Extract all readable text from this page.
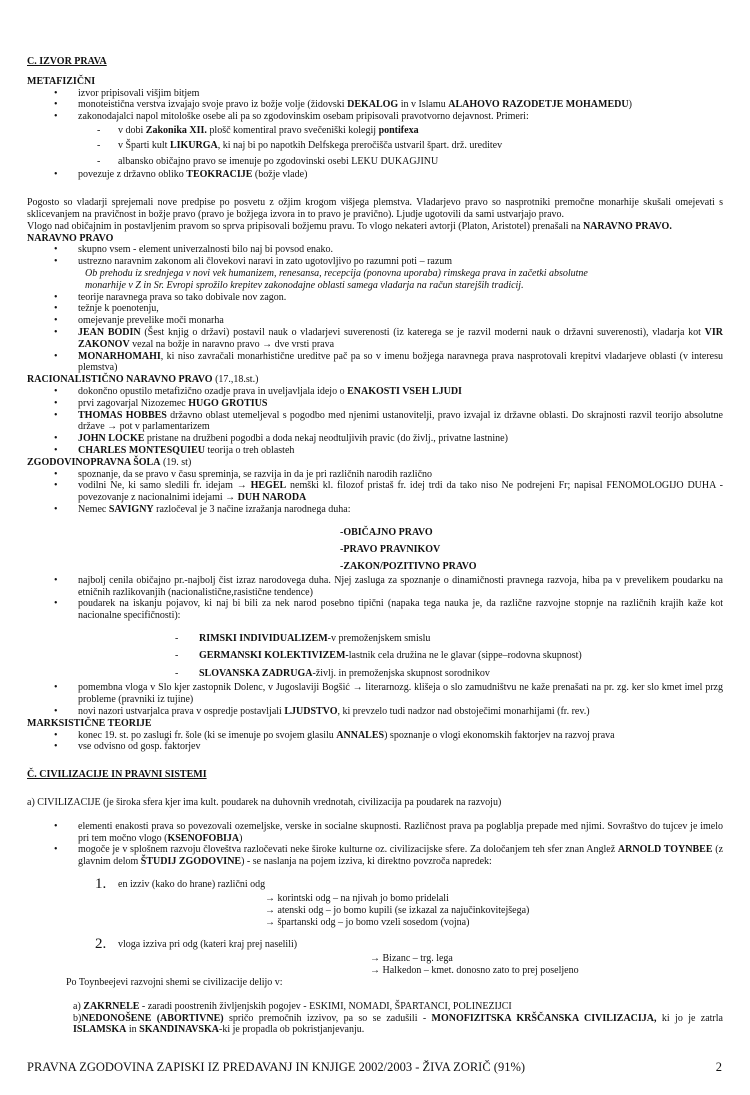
C. IZVOR PRAVA
METAFIZIČNI
• izvor pripisovali višjim bitjem
• monoteistična verstva izvajajo svoje pravo iz božje volje (židovski DEKALOG in v Islamu ALAHOVO RAZODETJE MOHAMEDU)
• zakonodajalci napol mitološke osebe ali pa so zgodovinskim osebam pripisovali pravotvorno dejavnost. Primeri:
- v dobi Zakonika XII. plošč komentiral pravo svečeniški kolegij pontifexa
- v Šparti kult LIKURGA, ki naj bi po napotkih Delfskega preročišča ustvaril špart. drž. ureditev
- albansko običajno pravo se imenuje po zgodovinski osebi LEKU DUKAGJINU
• povezuje z državno obliko TEOKRACIJE (božje vlade)
Pogosto so vladarji sprejemali nove predpise po posvetu z ožjim krogom višjega plemstva. Vladarjevo pravo so nasprotniki premočne monarhije skušali omejevati s sklicevanjem na pravičnost in božje pravo (pravo je božjega izvora in to pravo je pravično). Ljudje ugotovili da sami ustvarjajo pravo.
Vlogo nad običajnim in postavljenim pravom so sprva pripisovali božjemu pravu. To vlogo nekateri avtorji (Platon, Aristotel) prenašali na NARAVNO PRAVO.
NARAVNO PRAVO
• skupno vsem - element univerzalnosti bilo naj bi povsod enako.
• ustrezno naravnim zakonom ali človekovi naravi in zato ugotovljivo po razumni poti – razum
Ob prehodu iz srednjega v novi vek humanizem, renesansa, recepcija (ponovna uporaba) rimskega prava in začetki absolutne
monarhije v Z in Sr. Evropi sprožilo krepitev zakonodajne oblasti samega vladarja na račun starejših tradicij.
• teorije naravnega prava so tako dobivale nov zagon.
• težnje k poenotenju,
• omejevanje prevelike moči monarha
• JEAN BODIN (Šest knjig o državi) postavil nauk o vladarjevi suverenosti (iz katerega se je razvil moderni nauk o državni suverenosti), vladarja kot VIR ZAKONOV vezal na božje in naravno pravo → dve vrsti prava
• MONARHOMAHI, ki niso zavračali monarhistične ureditve pač pa so v imenu božjega naravnega prava nasprotovali krepitvi vladarjeve oblasti (v interesu plemstva)
RACIONALISTIČNO NARAVNO PRAVO (17.,18.st.)
• dokončno opustilo metafizično ozadje prava in uveljavljala idejo o ENAKOSTI VSEH LJUDI
• prvi zagovarjal Nizozemec HUGO GROTIUS
• THOMAS HOBBES državno oblast utemeljeval s pogodbo med njenimi ustanovitelji, pravo izvajal iz državne oblasti. Do skrajnosti razvil teorijo absolutne države → pot v parlamentarizem
• JOHN LOCKE pristane na družbeni pogodbi a doda nekaj neodtuljivih pravic (do življ., privatne lastnine)
• CHARLES MONTESQUIEU teorija o treh oblasteh
ZGODOVINOPRAVNA ŠOLA (19. st)
• spoznanje, da se pravo v času spreminja, se razvija in da je pri različnih narodih različno
• vodilni Ne, ki samo sledili fr. idejam → HEGEL nemški kl. filozof pristaš fr. idej trdi da tako niso Ne podrejeni Fr; napisal FENOMOLOGIJO DUHA - povezovanje z nacionalnimi idejami → DUH NARODA
• Nemec SAVIGNY razločeval je 3 načine izražanja narodnega duha:
- OBIČAJNO PRAVO
- PRAVO PRAVNIKOV
- ZAKON/POZITIVNO PRAVO
• najbolj cenila običajno pr.-najbolj čist izraz narodovega duha. Njej zasluga za spoznanje o dinamičnosti pravnega razvoja, hiba pa v prevelikem poudarku na etničnih razlikovanjih (nacionalistične,rasistične tendence)
• poudarek na iskanju pojavov, ki naj bi bili za nek narod posebno tipični (napaka tega nauka je, da različne razvojne stopnje na različnih krajih kaže kot nacionalne specifičnosti):
- RIMSKI INDIVIDUALIZEM-v premoženjskem smislu
- GERMANSKI KOLEKTIVIZEM-lastnik cela družina ne le glavar (sippe–rodovna skupnost)
- SLOVANSKA ZADRUGA-življ. in premoženjska skupnost sorodnikov
• pomembna vloga v Slo kjer zastopnik Dolenc, v Jugoslaviji Bogšić → literarnozg. klišeja o slo zamudništvu ne kaže prenašati na pr. zg. ker slo kmet imel przg probleme (pravniki iz tujine)
• novi nazori ustvarjalca prava v ospredje postavljali LJUDSTVO, ki prevzelo tudi nadzor nad obstoječimi monarhijami (fr. rev.)
MARKSISTIČNE TEORIJE
• konec 19. st. po zaslugi fr. šole (ki se imenuje po svojem glasilu ANNALES) spoznanje o vlogi ekonomskih faktorjev na razvoj prava
• vse odvisno od gosp. faktorjev
Č. CIVILIZACIJE IN PRAVNI SISTEMI
a) CIVILIZACIJE (je široka sfera kjer ima kult. poudarek na duhovnih vrednotah, civilizacija pa poudarek na razvoju)
• elementi enakosti prava so povezovali ozemeljske, verske in socialne skupnosti. Različnost prava pa poglablja prepade med njimi. Sovraštvo do tujcev je imelo pri tem močno vlogo (KSENOFOBIJA)
• mogoče je v splošnem razvoju človeštva razločevati neke široke kulturne oz. civilizacijske sfere. Za določanjem teh sfer znan Anglež ARNOLD TOYNBEE (z glavnim delom ŠTUDIJ ZGODOVINE) - se naslanja na pojem izziva, ki direktno povzroča napredek:
1. en izziv (kako do hrane) različni odg
→ korintski odg – na njivah jo bomo pridelali
→ atenski odg – jo bomo kupili (se izkazal za najučinkovitejšega)
→ špartanski odg – jo bomo vzeli sosedom (vojna)
2. vloga izziva pri odg (kateri kraj prej naselili)
→ Bizanc – trg. lega
→ Halkedon – kmet. donosno zato to prej poseljeno
Po Toynbeejevi razvojni shemi se civilizacije delijo v:
a) ZAKRNELE - zaradi poostrenih življenjskih pogojev - ESKIMI, NOMADI, ŠPARTANCI, POLINEZIJCI
b)NEDONOŠENE (ABORTIVNE) spričo premočnih izzivov, pa so se zadušili - MONOFIZITSKA KRŠČANSKA CIVILIZACIJA, ki jo je zatrla ISLAMSKA in SKANDINAVSKA-ki je propadla ob pokristjanjevanju.
PRAVNA ZGODOVINA ZAPISKI IZ PREDAVANJ IN KNJIGE 2002/2003 - ŽIVA ZORIČ (91%)	2
